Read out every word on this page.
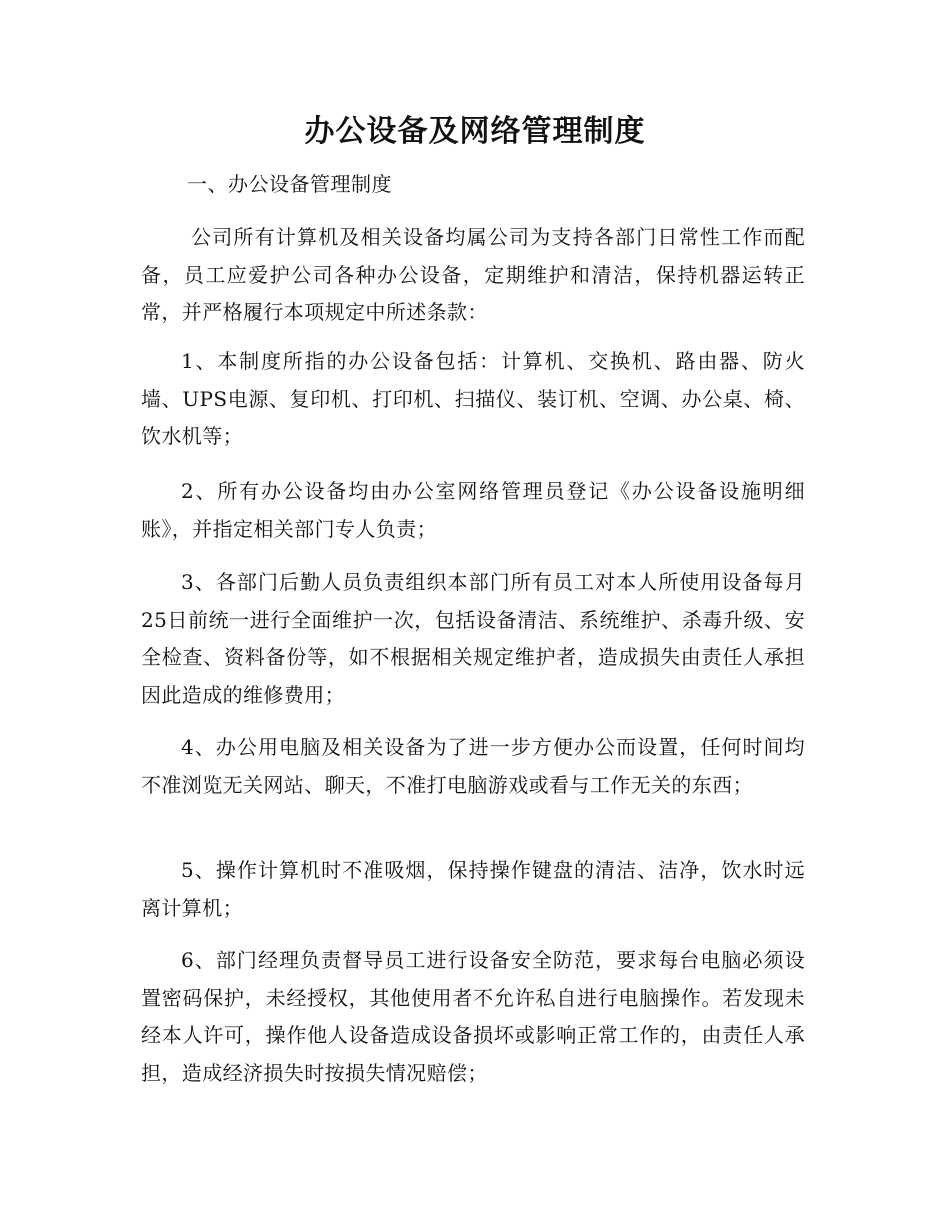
办公设备及网络管理制度

一、办公设备管理制度

公司所有计算机及相关设备均属公司为支持各部门日常性工作而配备，员工应爱护公司各种办公设备，定期维护和清洁，保持机器运转正常，并严格履行本项规定中所述条款：

1、本制度所指的办公设备包括：计算机、交换机、路由器、防火墙、UPS电源、复印机、打印机、扫描仪、装订机、空调、办公桌、椅、饮水机等；

2、所有办公设备均由办公室网络管理员登记《办公设备设施明细账》，并指定相关部门专人负责；

3、各部门后勤人员负责组织本部门所有员工对本人所使用设备每月25日前统一进行全面维护一次，包括设备清洁、系统维护、杀毒升级、安全检查、资料备份等，如不根据相关规定维护者，造成损失由责任人承担因此造成的维修费用；

4、办公用电脑及相关设备为了进一步方便办公而设置，任何时间均不准浏览无关网站、聊天，不准打电脑游戏或看与工作无关的东西；

5、操作计算机时不准吸烟，保持操作键盘的清洁、洁净，饮水时远离计算机；

6、部门经理负责督导员工进行设备安全防范，要求每台电脑必须设置密码保护，未经授权，其他使用者不允许私自进行电脑操作。若发现未经本人许可，操作他人设备造成设备损坏或影响正常工作的，由责任人承担，造成经济损失时按损失情况赔偿；
